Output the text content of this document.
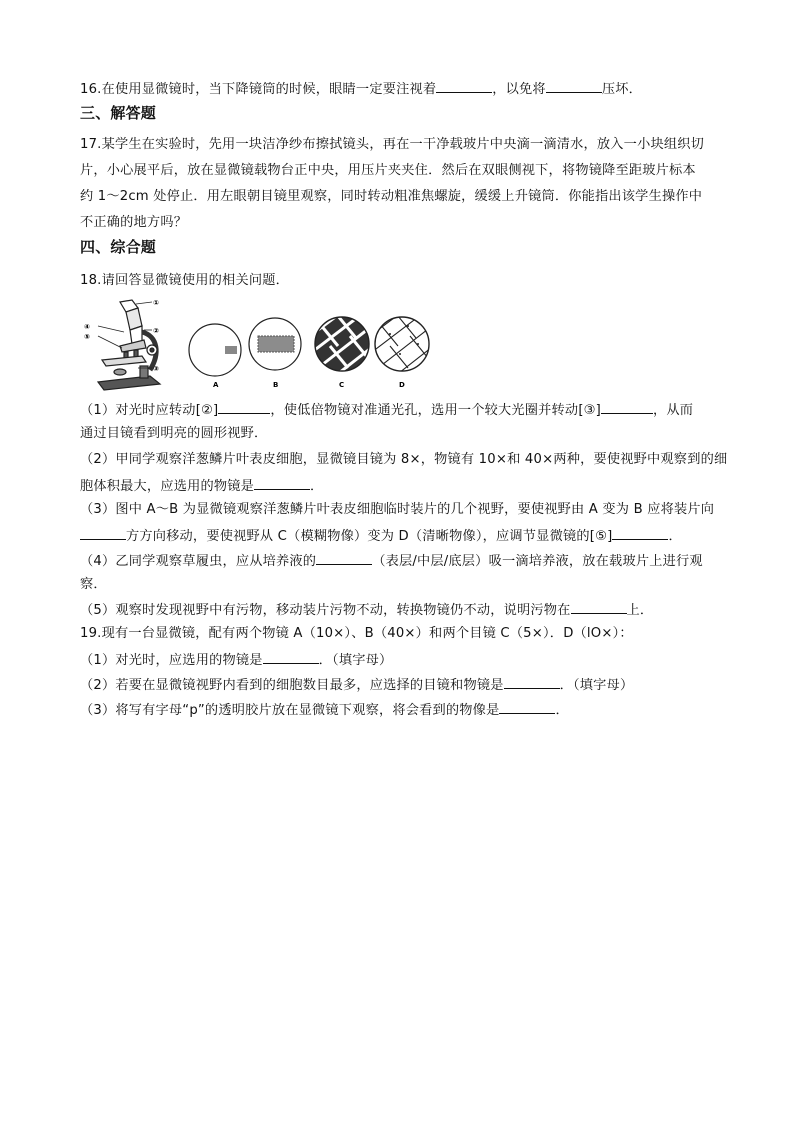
16.在使用显微镜时，当下降镜筒的时候，眼睛一定要注视着	，以免将	压坏．
三、解答题
17.某学生在实验时，先用一块洁净纱布擦拭镜头，再在一干净载玻片中央滴一滴清水，放入一小块组织切
片，小心展平后，放在显微镜载物台正中央，用压片夹夹住．然后在双眼侧视下，将物镜降至距玻片标本
约 1～2cm 处停止．用左眼朝目镜里观察，同时转动粗准焦螺旋，缓缓上升镜筒．你能指出该学生操作中
不正确的地方吗？
四、综合题
18.请回答显微镜使用的相关问题．
①
②
③
④
⑤
A	B	C	D
（1）对光时应转动[②]	，使低倍物镜对准通光孔，选用一个较大光圈并转动[③]	，从而
通过目镜看到明亮的圆形视野．
（2）甲同学观察洋葱鳞片叶表皮细胞，显微镜目镜为 8×，物镜有 10×和 40×两种，要使视野中观察到的细
胞体积最大，应选用的物镜是	．
（3）图中 A～B 为显微镜观察洋葱鳞片叶表皮细胞临时装片的几个视野，要使视野由 A 变为 B 应将装片向
方方向移动，要使视野从 C（模糊物像）变为 D（清晰物像），应调节显微镜的[⑤]	．
（4）乙同学观察草履虫，应从培养液的	（表层/中层/底层）吸一滴培养液，放在载玻片上进行观
察．
（5）观察时发现视野中有污物，移动装片污物不动，转换物镜仍不动，说明污物在	上．
19.现有一台显微镜，配有两个物镜 A（10×）、B（40×）和两个目镜 C（5×）．D（lO×）：
（1）对光时，应选用的物镜是	．（填字母）
（2）若要在显微镜视野内看到的细胞数目最多，应选择的目镜和物镜是	．（填字母）
（3）将写有字母“p”的透明胶片放在显微镜下观察，将会看到的物像是	．
